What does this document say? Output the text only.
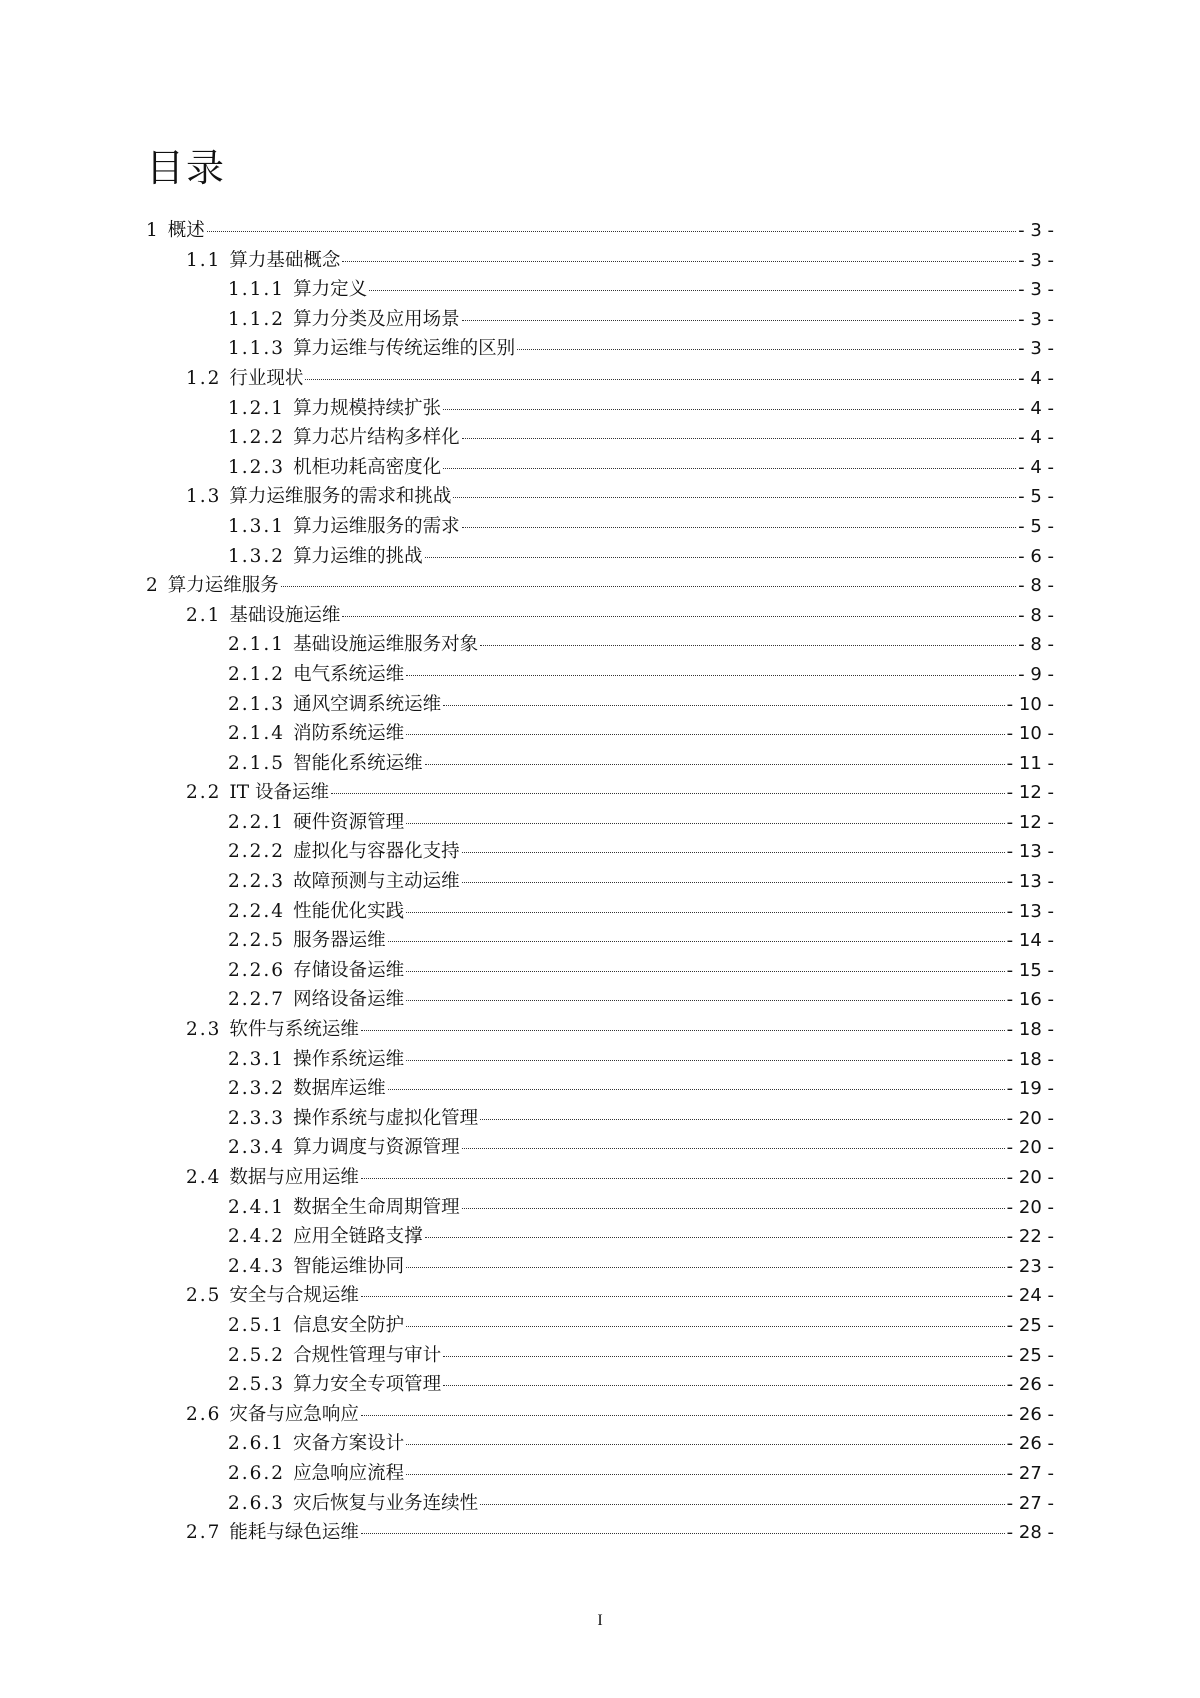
目录
1 概述	- 3 -
1.1 算力基础概念	- 3 -
1.1.1 算力定义	- 3 -
1.1.2 算力分类及应用场景	- 3 -
1.1.3 算力运维与传统运维的区别	- 3 -
1.2 行业现状	- 4 -
1.2.1 算力规模持续扩张	- 4 -
1.2.2 算力芯片结构多样化	- 4 -
1.2.3 机柜功耗高密度化	- 4 -
1.3 算力运维服务的需求和挑战	- 5 -
1.3.1 算力运维服务的需求	- 5 -
1.3.2 算力运维的挑战	- 6 -
2 算力运维服务	- 8 -
2.1 基础设施运维	- 8 -
2.1.1 基础设施运维服务对象	- 8 -
2.1.2 电气系统运维	- 9 -
2.1.3 通风空调系统运维	- 10 -
2.1.4 消防系统运维	- 10 -
2.1.5 智能化系统运维	- 11 -
2.2 IT 设备运维	- 12 -
2.2.1 硬件资源管理	- 12 -
2.2.2 虚拟化与容器化支持	- 13 -
2.2.3 故障预测与主动运维	- 13 -
2.2.4 性能优化实践	- 13 -
2.2.5 服务器运维	- 14 -
2.2.6 存储设备运维	- 15 -
2.2.7 网络设备运维	- 16 -
2.3 软件与系统运维	- 18 -
2.3.1 操作系统运维	- 18 -
2.3.2 数据库运维	- 19 -
2.3.3 操作系统与虚拟化管理	- 20 -
2.3.4 算力调度与资源管理	- 20 -
2.4 数据与应用运维	- 20 -
2.4.1 数据全生命周期管理	- 20 -
2.4.2 应用全链路支撑	- 22 -
2.4.3 智能运维协同	- 23 -
2.5 安全与合规运维	- 24 -
2.5.1 信息安全防护	- 25 -
2.5.2 合规性管理与审计	- 25 -
2.5.3 算力安全专项管理	- 26 -
2.6 灾备与应急响应	- 26 -
2.6.1 灾备方案设计	- 26 -
2.6.2 应急响应流程	- 27 -
2.6.3 灾后恢复与业务连续性	- 27 -
2.7 能耗与绿色运维	- 28 -
I
